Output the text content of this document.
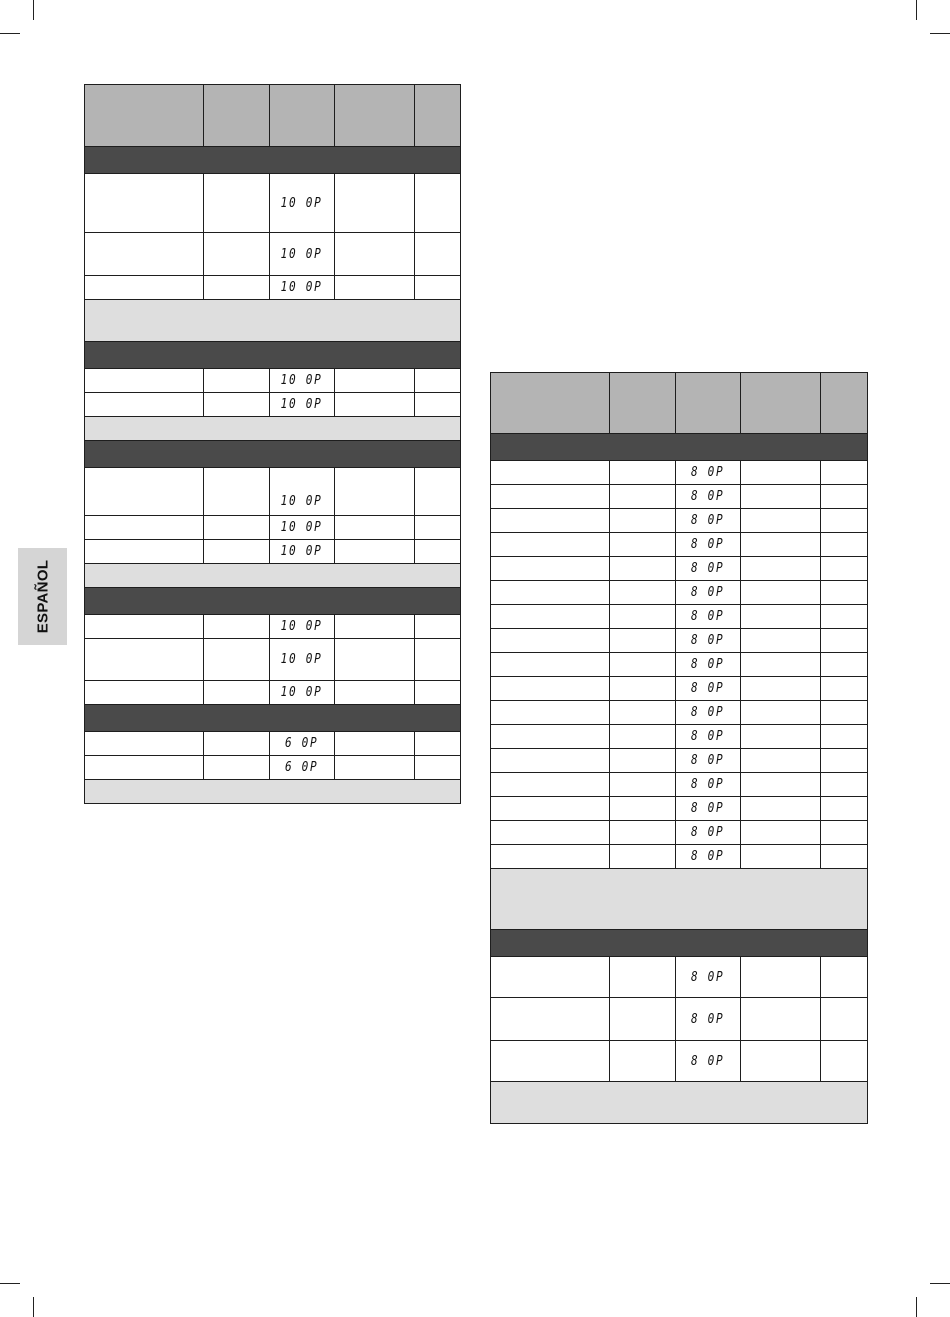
ESPAÑOL

		10 0P		
		10 0P		
		10 0P		

		10 0P		
		10 0P		

		10 0P		
		10 0P		
		10 0P		

		10 0P		
		10 0P		
		10 0P		

		6 0P		
		6 0P		

		8 0P		
		8 0P		
		8 0P		
		8 0P		
		8 0P		
		8 0P		
		8 0P		
		8 0P		
		8 0P		
		8 0P		
		8 0P		
		8 0P		
		8 0P		
		8 0P		
		8 0P		
		8 0P		
		8 0P		

		8 0P		
		8 0P		
		8 0P		
